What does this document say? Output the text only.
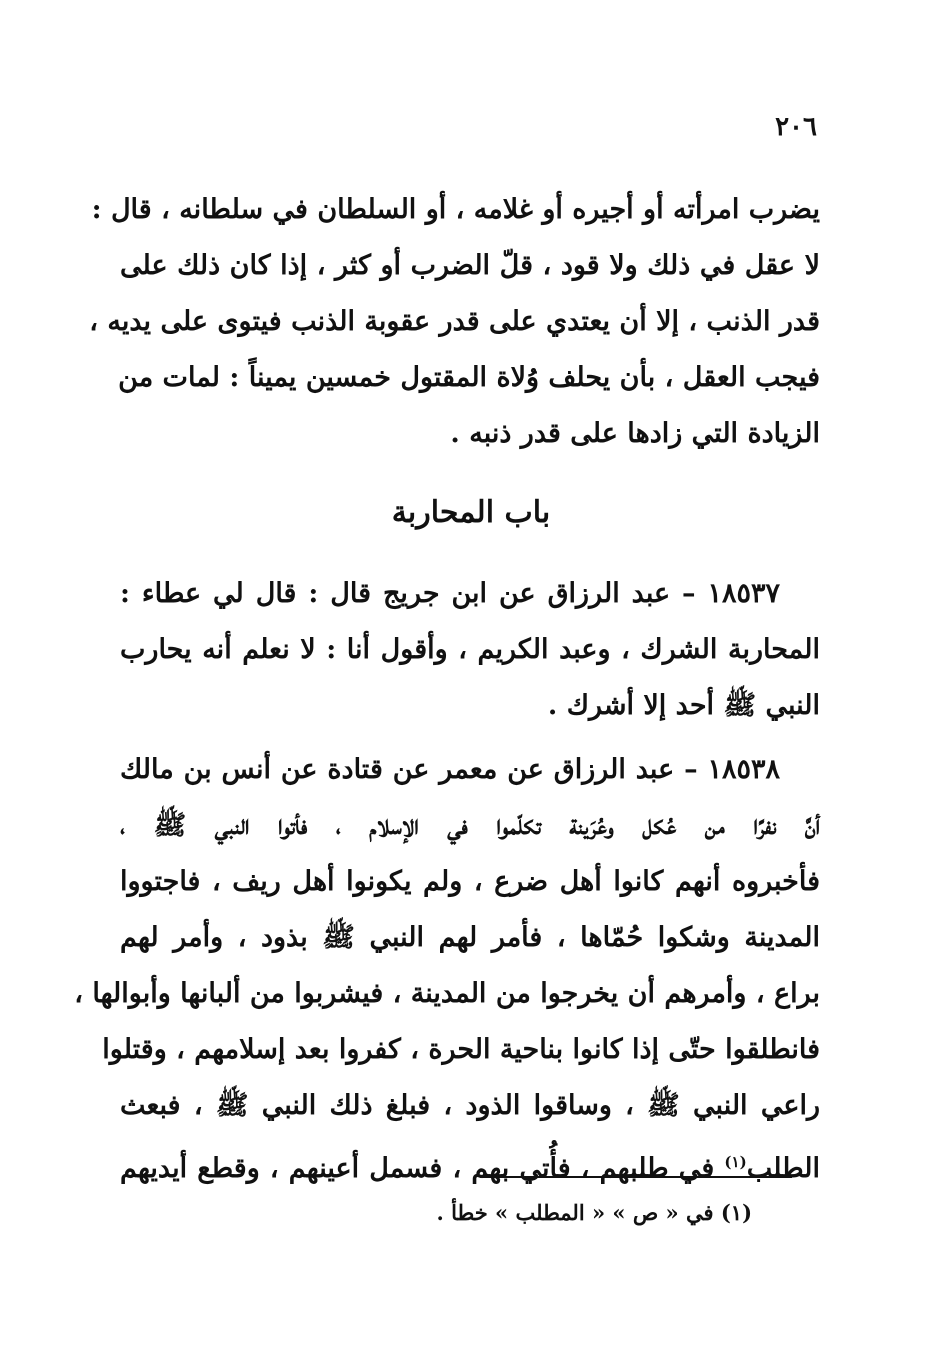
٢٠٦
يضرب امرأته أو أجيره أو غلامه ، أو السلطان في سلطانه ، قال :
لا عقل في ذلك ولا قود ، قلّ الضرب أو كثر ، إذا كان ذلك على
قدر الذنب ، إلا أن يعتدي على قدر عقوبة الذنب فيتوى على يديه ،
فيجب العقل ، بأن يحلف وُلاة المقتول خمسين يميناً : لمات من
الزيادة التي زادها على قدر ذنبه .
باب المحاربة
١٨٥٣٧ – عبد الرزاق عن ابن جريج قال : قال لي عطاء :
المحاربة الشرك ، وعبد الكريم ، وأقول أنا : لا نعلم أنه يحارب
النبي ﷺ أحد إلا أشرك .
١٨٥٣٨ – عبد الرزاق عن معمر عن قتادة عن أنس بن مالك
أنَّ نفرًا من عُكل وعُرَينة تكلّموا في الإسلام ، فأتوا النبي ﷺ ،
فأخبروه أنهم كانوا أهل ضرع ، ولم يكونوا أهل ريف ، فاجتووا
المدينة وشكوا حُمّاها ، فأمر لهم النبي ﷺ بذود ، وأمر لهم
براع ، وأمرهم أن يخرجوا من المدينة ، فيشربوا من ألبانها وأبوالها ،
فانطلقوا حتّى إذا كانوا بناحية الحرة ، كفروا بعد إسلامهم ، وقتلوا
راعي النبي ﷺ ، وساقوا الذود ، فبلغ ذلك النبي ﷺ ، فبعث
الطلب$^{(١)}$ في طلبهم ، فأُتي بهم ، فسمل أعينهم ، وقطع أيديهم
(١) في « ص » « المطلب » خطأ .
